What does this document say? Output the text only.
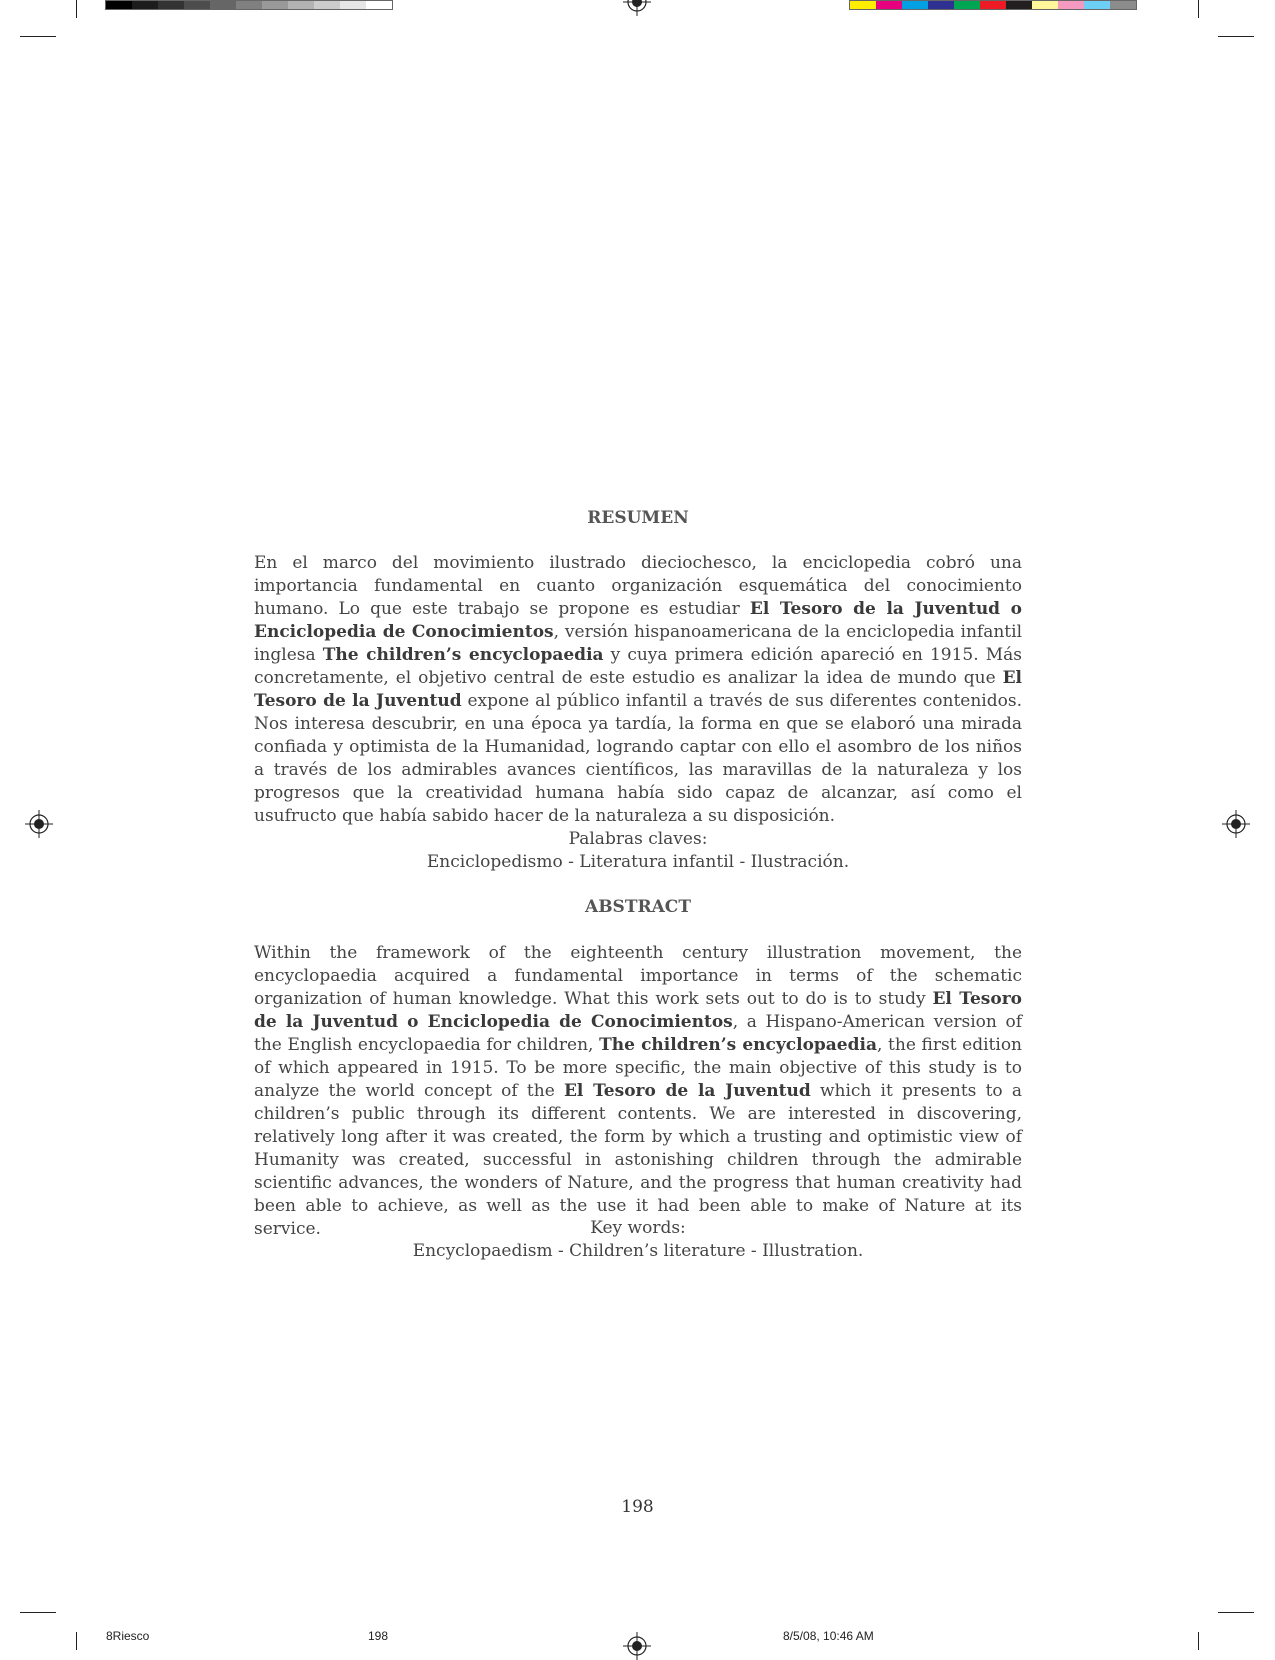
RESUMEN

En el marco del movimiento ilustrado dieciochesco, la enciclopedia cobró una importancia fundamental en cuanto organización esquemática del conocimiento humano. Lo que este trabajo se propone es estudiar El Tesoro de la Juventud o Enciclopedia de Conocimientos, versión hispanoamericana de la enciclopedia infantil inglesa The children’s encyclopaedia y cuya primera edición apareció en 1915. Más concretamente, el objetivo central de este estudio es analizar la idea de mundo que El Tesoro de la Juventud expone al público infantil a través de sus diferentes contenidos. Nos interesa descubrir, en una época ya tardía, la forma en que se elaboró una mirada confiada y optimista de la Humanidad, logrando captar con ello el asombro de los niños a través de los admirables avances científicos, las maravillas de la naturaleza y los progresos que la creatividad humana había sido capaz de alcanzar, así como el usufructo que había sabido hacer de la naturaleza a su disposición.

Palabras claves:
Enciclopedismo - Literatura infantil - Ilustración.
ABSTRACT

Within the framework of the eighteenth century illustration movement, the encyclopaedia acquired a fundamental importance in terms of the schematic organization of human knowledge. What this work sets out to do is to study El Tesoro de la Juventud o Enciclopedia de Conocimientos, a Hispano-American version of the English encyclopaedia for children, The children’s encyclopaedia, the first edition of which appeared in 1915. To be more specific, the main objective of this study is to analyze the world concept of the El Tesoro de la Juventud which it presents to a children’s public through its different contents. We are interested in discovering, relatively long after it was created, the form by which a trusting and optimistic view of Humanity was created, successful in astonishing children through the admirable scientific advances, the wonders of Nature, and the progress that human creativity had been able to achieve, as well as the use it had been able to make of Nature at its service.	Key words:
Encyclopaedism - Children’s literature - Illustration.
198
8Riesco	198	8/5/08, 10:46 AM
